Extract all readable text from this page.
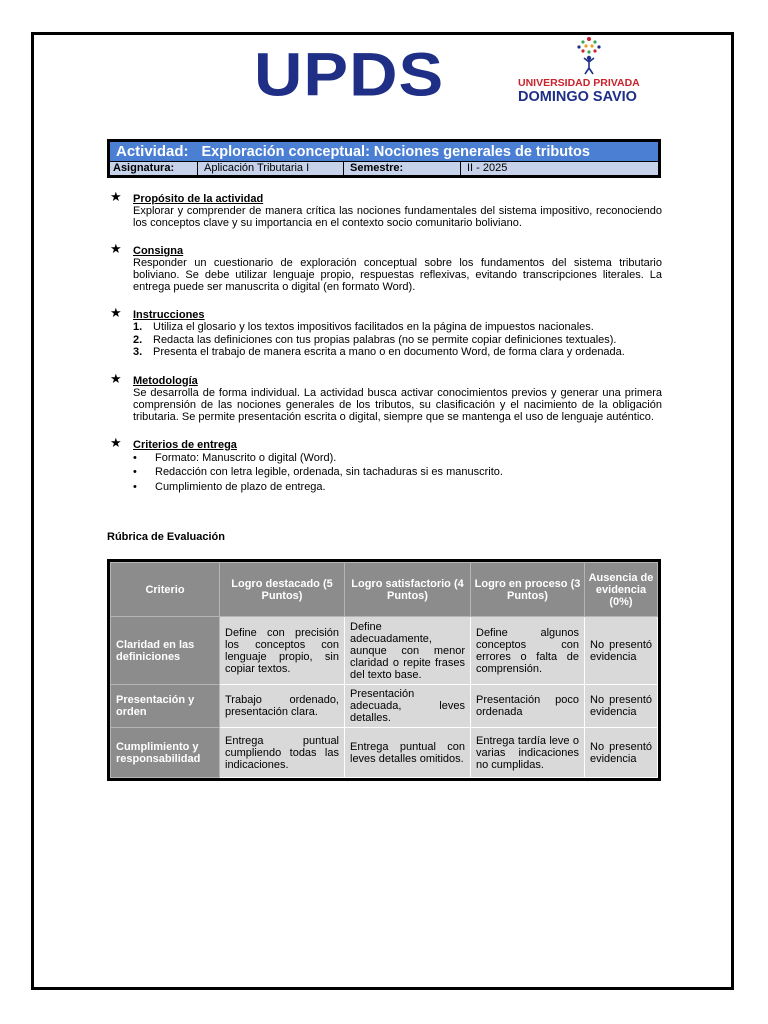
UPDS	UNIVERSIDAD PRIVADA
DOMINGO SAVIO
Actividad: Exploración conceptual: Nociones generales de tributos
Asignatura:	Aplicación Tributaria I	Semestre:	II - 2025
★ Propósito de la actividad
Explorar y comprender de manera crítica las nociones fundamentales del sistema impositivo, reconociendo los conceptos clave y su importancia en el contexto socio comunitario boliviano.
★ Consigna
Responder un cuestionario de exploración conceptual sobre los fundamentos del sistema tributario boliviano. Se debe utilizar lenguaje propio, respuestas reflexivas, evitando transcripciones literales. La entrega puede ser manuscrita o digital (en formato Word).
★ Instrucciones
1. Utiliza el glosario y los textos impositivos facilitados en la página de impuestos nacionales.
2. Redacta las definiciones con tus propias palabras (no se permite copiar definiciones textuales).
3. Presenta el trabajo de manera escrita a mano o en documento Word, de forma clara y ordenada.
★ Metodología
Se desarrolla de forma individual. La actividad busca activar conocimientos previos y generar una primera comprensión de las nociones generales de los tributos, su clasificación y el nacimiento de la obligación tributaria. Se permite presentación escrita o digital, siempre que se mantenga el uso de lenguaje auténtico.
★ Criterios de entrega
•	Formato: Manuscrito o digital (Word).
•	Redacción con letra legible, ordenada, sin tachaduras si es manuscrito.
•	Cumplimiento de plazo de entrega.
Rúbrica de Evaluación
Criterio	Logro destacado (5 Puntos)	Logro satisfactorio (4 Puntos)	Logro en proceso (3 Puntos)	Ausencia de evidencia (0%)
Claridad en las definiciones	Define con precisión los conceptos con lenguaje propio, sin copiar textos.	Define adecuadamente, aunque con menor claridad o repite frases del texto base.	Define algunos conceptos con errores o falta de comprensión.	No presentó evidencia
Presentación y orden	Trabajo ordenado, presentación clara.	Presentación adecuada, leves detalles.	Presentación poco ordenada	No presentó evidencia
Cumplimiento y responsabilidad	Entrega puntual cumpliendo todas las indicaciones.	Entrega puntual con leves detalles omitidos.	Entrega tardía leve o varias indicaciones no cumplidas.	No presentó evidencia
